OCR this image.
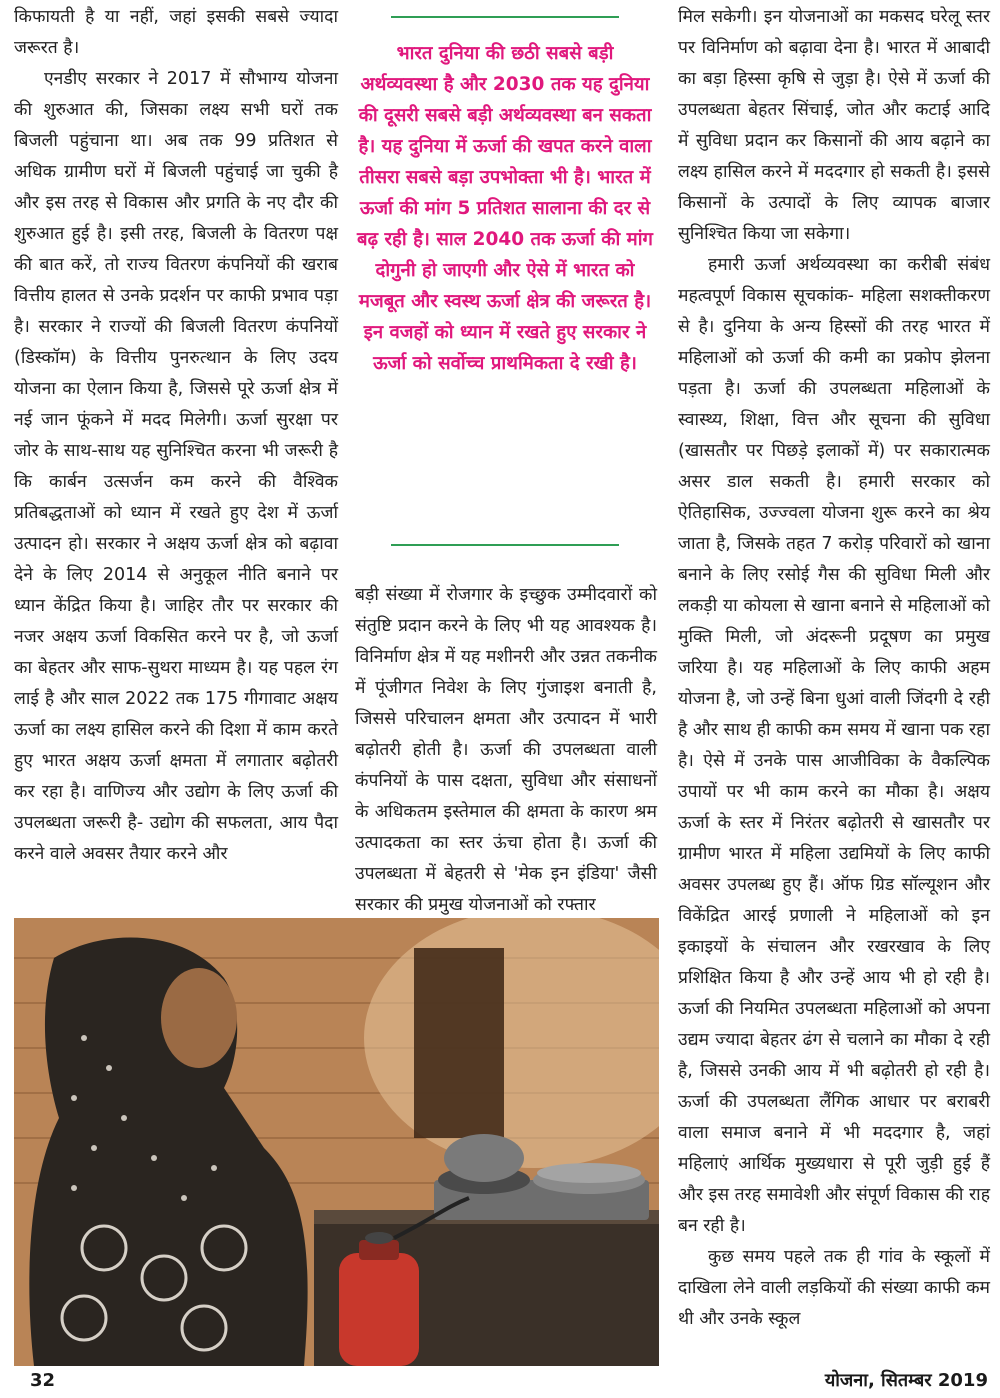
किफायती है या नहीं, जहां इसकी सबसे ज्यादा जरूरत है।

एनडीए सरकार ने 2017 में सौभाग्य योजना की शुरुआत की, जिसका लक्ष्य सभी घरों तक बिजली पहुंचाना था। अब तक 99 प्रतिशत से अधिक ग्रामीण घरों में बिजली पहुंचाई जा चुकी है और इस तरह से विकास और प्रगति के नए दौर की शुरुआत हुई है। इसी तरह, बिजली के वितरण पक्ष की बात करें, तो राज्य वितरण कंपनियों की खराब वित्तीय हालत से उनके प्रदर्शन पर काफी प्रभाव पड़ा है। सरकार ने राज्यों की बिजली वितरण कंपनियों (डिस्कॉम) के वित्तीय पुनरुत्थान के लिए उदय योजना का ऐलान किया है, जिससे पूरे ऊर्जा क्षेत्र में नई जान फूंकने में मदद मिलेगी। ऊर्जा सुरक्षा पर जोर के साथ-साथ यह सुनिश्चित करना भी जरूरी है कि कार्बन उत्सर्जन कम करने की वैश्विक प्रतिबद्धताओं को ध्यान में रखते हुए देश में ऊर्जा उत्पादन हो। सरकार ने अक्षय ऊर्जा क्षेत्र को बढ़ावा देने के लिए 2014 से अनुकूल नीति बनाने पर ध्यान केंद्रित किया है। जाहिर तौर पर सरकार की नजर अक्षय ऊर्जा विकसित करने पर है, जो ऊर्जा का बेहतर और साफ-सुथरा माध्यम है। यह पहल रंग लाई है और साल 2022 तक 175 गीगावाट अक्षय ऊर्जा का लक्ष्य हासिल करने की दिशा में काम करते हुए भारत अक्षय ऊर्जा क्षमता में लगातार बढ़ोतरी कर रहा है। वाणिज्य और उद्योग के लिए ऊर्जा की उपलब्धता जरूरी है- उद्योग की सफलता, आय पैदा करने वाले अवसर तैयार करने और

भारत दुनिया की छठी सबसे बड़ी अर्थव्यवस्था है और 2030 तक यह दुनिया की दूसरी सबसे बड़ी अर्थव्यवस्था बन सकता है। यह दुनिया में ऊर्जा की खपत करने वाला तीसरा सबसे बड़ा उपभोक्ता भी है। भारत में ऊर्जा की मांग 5 प्रतिशत सालाना की दर से बढ़ रही है। साल 2040 तक ऊर्जा की मांग दोगुनी हो जाएगी और ऐसे में भारत को मजबूत और स्वस्थ ऊर्जा क्षेत्र की जरूरत है। इन वजहों को ध्यान में रखते हुए सरकार ने ऊर्जा को सर्वोच्च प्राथमिकता दे रखी है।

बड़ी संख्या में रोजगार के इच्छुक उम्मीदवारों को संतुष्टि प्रदान करने के लिए भी यह आवश्यक है। विनिर्माण क्षेत्र में यह मशीनरी और उन्नत तकनीक में पूंजीगत निवेश के लिए गुंजाइश बनाती है, जिससे परिचालन क्षमता और उत्पादन में भारी बढ़ोतरी होती है। ऊर्जा की उपलब्धता वाली कंपनियों के पास दक्षता, सुविधा और संसाधनों के अधिकतम इस्तेमाल की क्षमता के कारण श्रम उत्पादकता का स्तर ऊंचा होता है। ऊर्जा की उपलब्धता में बेहतरी से 'मेक इन इंडिया' जैसी सरकार की प्रमुख योजनाओं को रफ्तार

मिल सकेगी। इन योजनाओं का मकसद घरेलू स्तर पर विनिर्माण को बढ़ावा देना है। भारत में आबादी का बड़ा हिस्सा कृषि से जुड़ा है। ऐसे में ऊर्जा की उपलब्धता बेहतर सिंचाई, जोत और कटाई आदि में सुविधा प्रदान कर किसानों की आय बढ़ाने का लक्ष्य हासिल करने में मददगार हो सकती है। इससे किसानों के उत्पादों के लिए व्यापक बाजार सुनिश्चित किया जा सकेगा।

हमारी ऊर्जा अर्थव्यवस्था का करीबी संबंध महत्वपूर्ण विकास सूचकांक- महिला सशक्तीकरण से है। दुनिया के अन्य हिस्सों की तरह भारत में महिलाओं को ऊर्जा की कमी का प्रकोप झेलना पड़ता है। ऊर्जा की उपलब्धता महिलाओं के स्वास्थ्य, शिक्षा, वित्त और सूचना की सुविधा (खासतौर पर पिछड़े इलाकों में) पर सकारात्मक असर डाल सकती है। हमारी सरकार को ऐतिहासिक, उज्ज्वला योजना शुरू करने का श्रेय जाता है, जिसके तहत 7 करोड़ परिवारों को खाना बनाने के लिए रसोई गैस की सुविधा मिली और लकड़ी या कोयला से खाना बनाने से महिलाओं को मुक्ति मिली, जो अंदरूनी प्रदूषण का प्रमुख जरिया है। यह महिलाओं के लिए काफी अहम योजना है, जो उन्हें बिना धुआं वाली जिंदगी दे रही है और साथ ही काफी कम समय में खाना पक रहा है। ऐसे में उनके पास आजीविका के वैकल्पिक उपायों पर भी काम करने का मौका है। अक्षय ऊर्जा के स्तर में निरंतर बढ़ोतरी से खासतौर पर ग्रामीण भारत में महिला उद्यमियों के लिए काफी अवसर उपलब्ध हुए हैं। ऑफ ग्रिड सॉल्यूशन और विकेंद्रित आरई प्रणाली ने महिलाओं को इन इकाइयों के संचालन और रखरखाव के लिए प्रशिक्षित किया है और उन्हें आय भी हो रही है। ऊर्जा की नियमित उपलब्धता महिलाओं को अपना उद्यम ज्यादा बेहतर ढंग से चलाने का मौका दे रही है, जिससे उनकी आय में भी बढ़ोतरी हो रही है। ऊर्जा की उपलब्धता लैंगिक आधार पर बराबरी वाला समाज बनाने में भी मददगार है, जहां महिलाएं आर्थिक मुख्यधारा से पूरी जुड़ी हुई हैं और इस तरह समावेशी और संपूर्ण विकास की राह बन रही है।

कुछ समय पहले तक ही गांव के स्कूलों में दाखिला लेने वाली लड़कियों की संख्या काफी कम थी और उनके स्कूल

32	योजना, सितम्बर 2019
